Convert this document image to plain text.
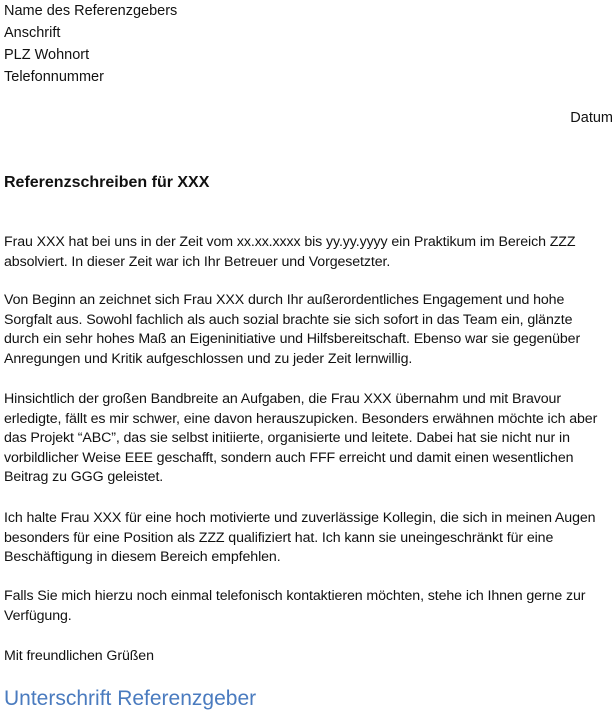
Name des Referenzgebers
Anschrift
PLZ Wohnort
Telefonnummer
Datum
Referenzschreiben für XXX

Frau XXX hat bei uns in der Zeit vom xx.xx.xxxx bis yy.yy.yyyy ein Praktikum im Bereich ZZZ absolviert. In dieser Zeit war ich Ihr Betreuer und Vorgesetzter.

Von Beginn an zeichnet sich Frau XXX durch Ihr außerordentliches Engagement und hohe Sorgfalt aus. Sowohl fachlich als auch sozial brachte sie sich sofort in das Team ein, glänzte durch ein sehr hohes Maß an Eigeninitiative und Hilfsbereitschaft. Ebenso war sie gegenüber Anregungen und Kritik aufgeschlossen und zu jeder Zeit lernwillig.

Hinsichtlich der großen Bandbreite an Aufgaben, die Frau XXX übernahm und mit Bravour erledigte, fällt es mir schwer, eine davon herauszupicken. Besonders erwähnen möchte ich aber das Projekt “ABC”, das sie selbst initiierte, organisierte und leitete. Dabei hat sie nicht nur in vorbildlicher Weise EEE geschafft, sondern auch FFF erreicht und damit einen wesentlichen Beitrag zu GGG geleistet.

Ich halte Frau XXX für eine hoch motivierte und zuverlässige Kollegin, die sich in meinen Augen besonders für eine Position als ZZZ qualifiziert hat. Ich kann sie uneingeschränkt für eine Beschäftigung in diesem Bereich empfehlen.

Falls Sie mich hierzu noch einmal telefonisch kontaktieren möchten, stehe ich Ihnen gerne zur Verfügung.

Mit freundlichen Grüßen

Unterschrift Referenzgeber
